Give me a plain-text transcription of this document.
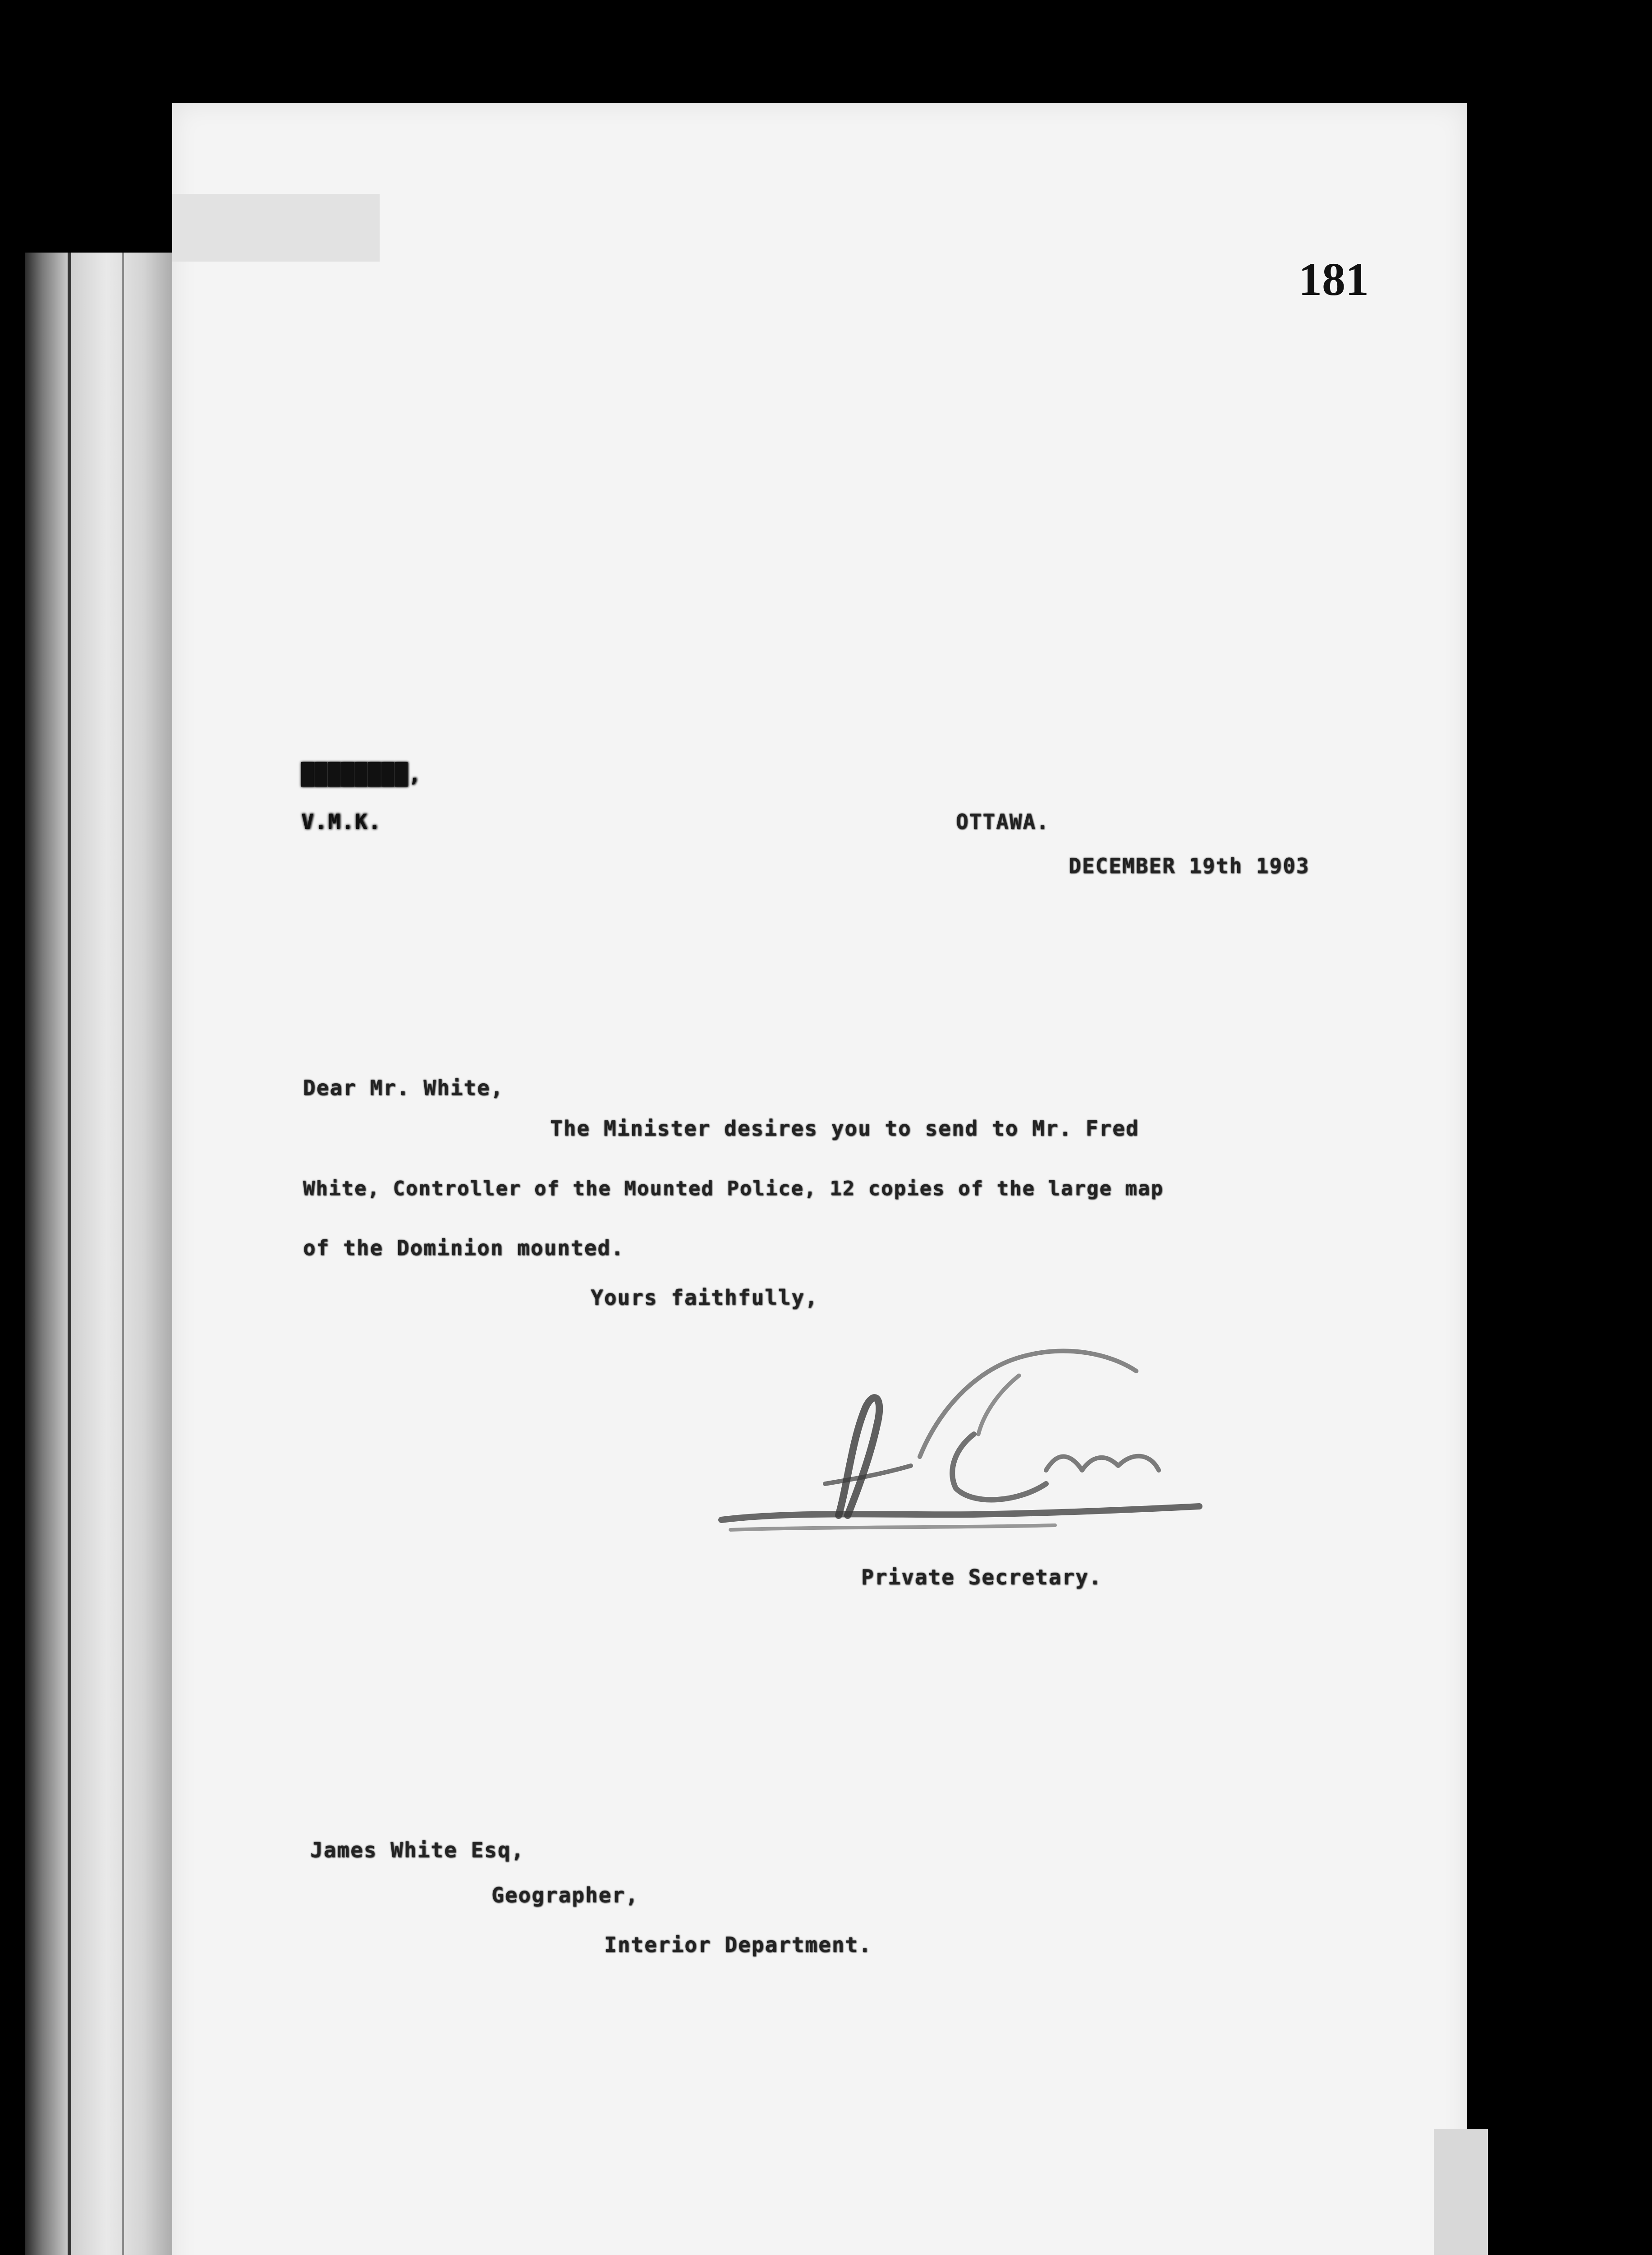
181
████████,
V.M.K.	OTTAWA.
DECEMBER 19th 1903
Dear Mr. White,
The Minister desires you to send to Mr. Fred
White, Controller of the Mounted Police, 12 copies of the large map
of the Dominion mounted.
Yours faithfully,
Private Secretary.
James White Esq,
Geographer,
Interior Department.
